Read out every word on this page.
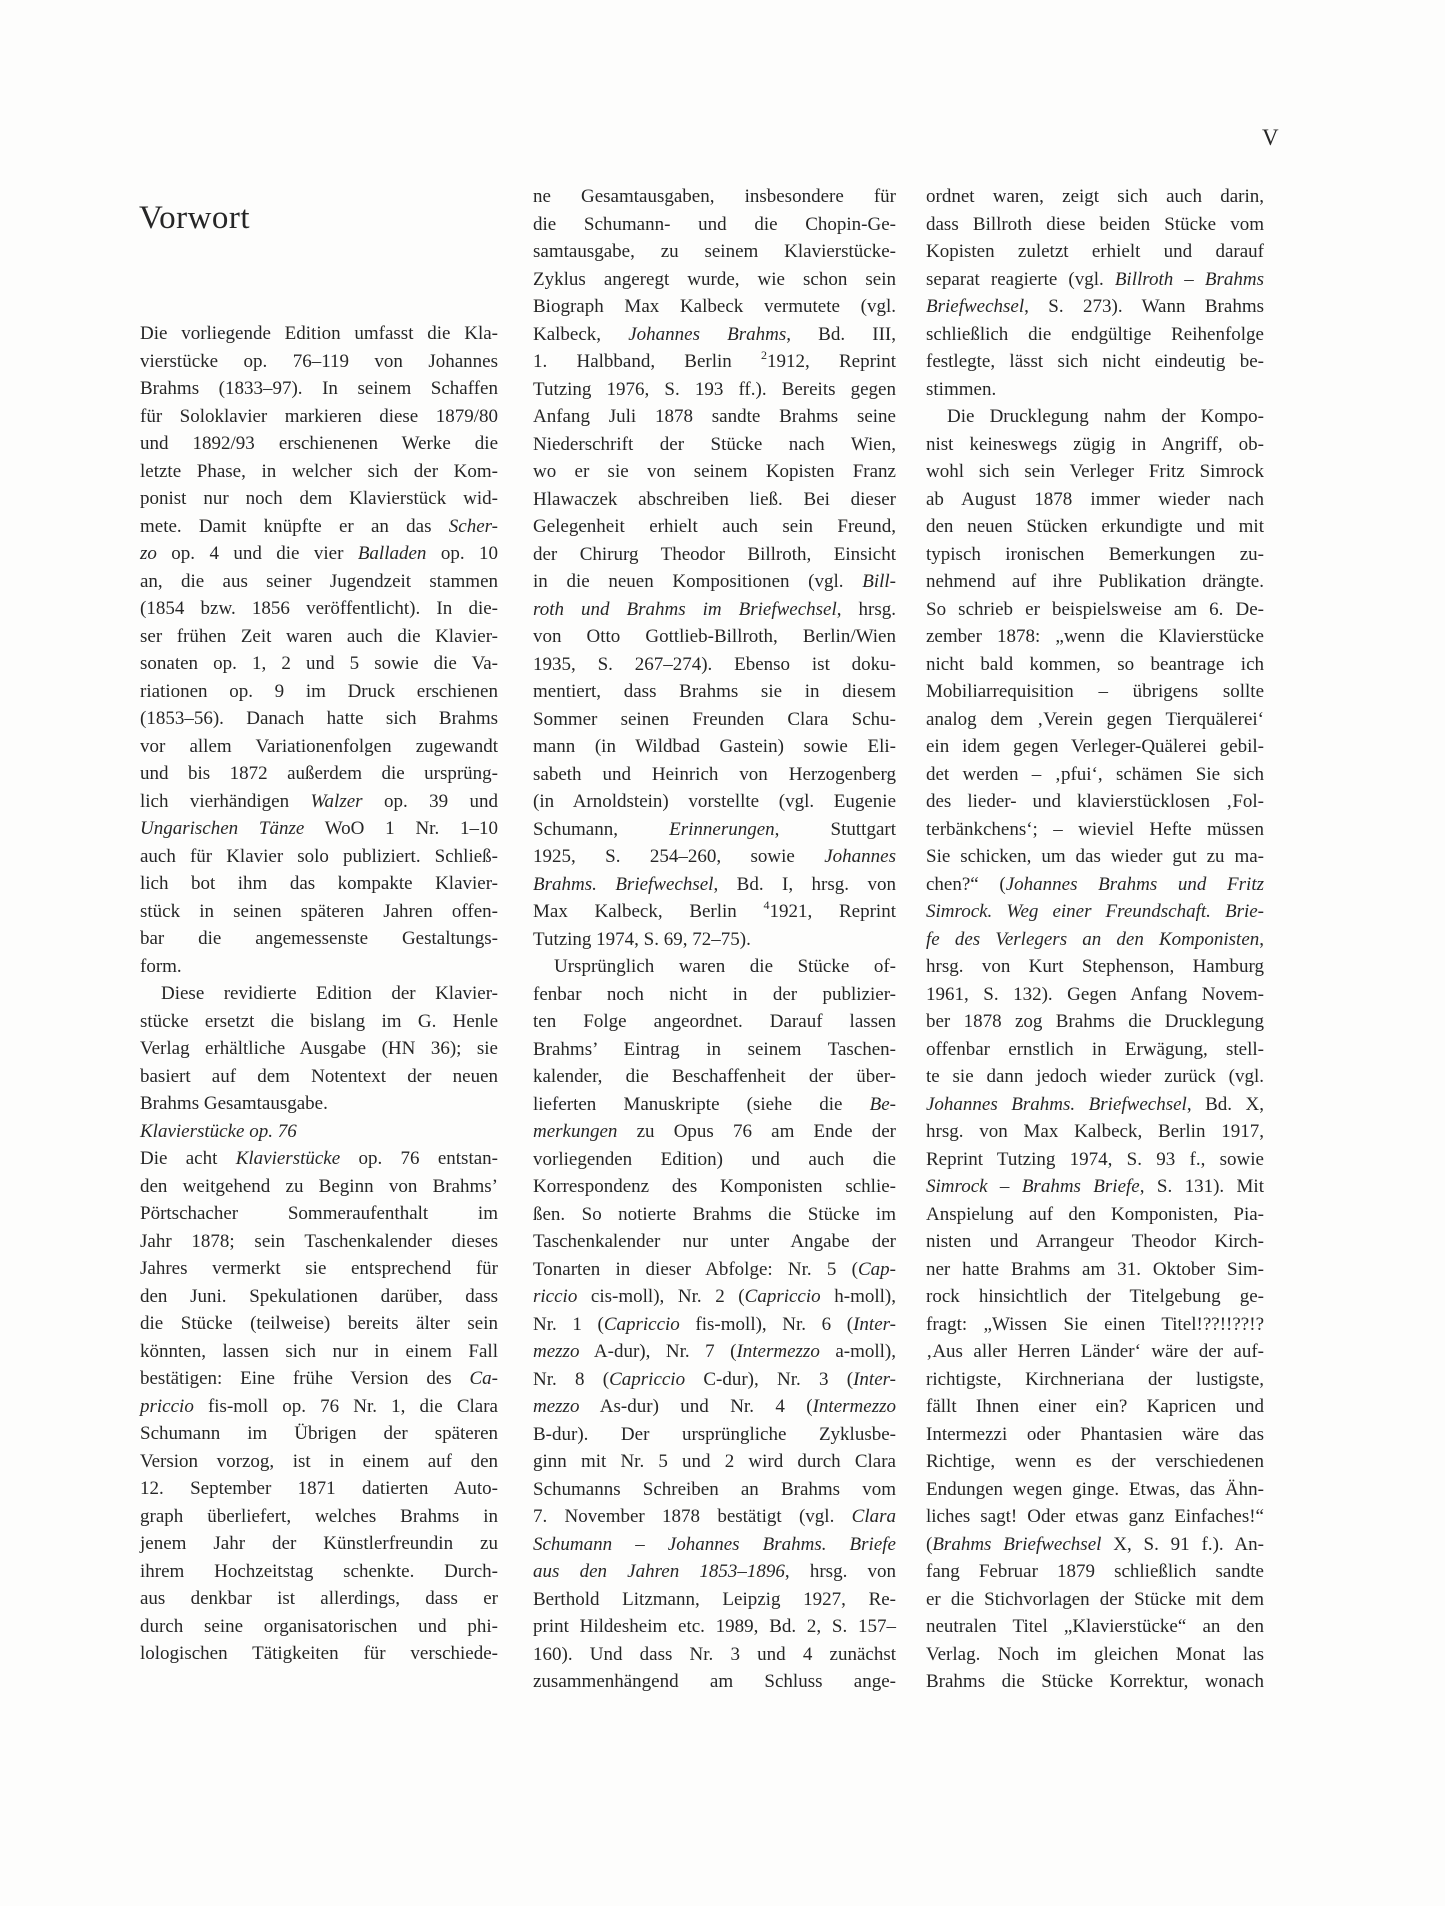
V
Vorwort
Die vorliegende Edition umfasst die Kla-
vierstücke op. 76–119 von Johannes
Brahms (1833–97). In seinem Schaffen
für Soloklavier markieren diese 1879/80
und 1892/93 erschienenen Werke die
letzte Phase, in welcher sich der Kom-
ponist nur noch dem Klavierstück wid-
mete. Damit knüpfte er an das Scher-
zo op. 4 und die vier Balladen op. 10
an, die aus seiner Jugendzeit stammen
(1854 bzw. 1856 veröffentlicht). In die-
ser frühen Zeit waren auch die Klavier-
sonaten op. 1, 2 und 5 sowie die Va-
riationen op. 9 im Druck erschienen
(1853–56). Danach hatte sich Brahms
vor allem Variationenfolgen zugewandt
und bis 1872 außerdem die ursprüng-
lich vierhändigen Walzer op. 39 und
Ungarischen Tänze WoO 1 Nr. 1–10
auch für Klavier solo publiziert. Schließ-
lich bot ihm das kompakte Klavier-
stück in seinen späteren Jahren offen-
bar die angemessenste Gestaltungs-
form.
Diese revidierte Edition der Klavier-
stücke ersetzt die bislang im G. Henle
Verlag erhältliche Ausgabe (HN 36); sie
basiert auf dem Notentext der neuen
Brahms Gesamtausgabe.
Klavierstücke op. 76
Die acht Klavierstücke op. 76 entstan-
den weitgehend zu Beginn von Brahms’
Pörtschacher Sommeraufenthalt im
Jahr 1878; sein Taschenkalender dieses
Jahres vermerkt sie entsprechend für
den Juni. Spekulationen darüber, dass
die Stücke (teilweise) bereits älter sein
könnten, lassen sich nur in einem Fall
bestätigen: Eine frühe Version des Ca-
priccio fis-moll op. 76 Nr. 1, die Clara
Schumann im Übrigen der späteren
Version vorzog, ist in einem auf den
12. September 1871 datierten Auto-
graph überliefert, welches Brahms in
jenem Jahr der Künstlerfreundin zu
ihrem Hochzeitstag schenkte. Durch-
aus denkbar ist allerdings, dass er
durch seine organisatorischen und phi-
lologischen Tätigkeiten für verschiede-
ne Gesamtausgaben, insbesondere für
die Schumann- und die Chopin-Ge-
samtausgabe, zu seinem Klavierstücke-
Zyklus angeregt wurde, wie schon sein
Biograph Max Kalbeck vermutete (vgl.
Kalbeck, Johannes Brahms, Bd. III,
1. Halbband, Berlin $^2$1912, Reprint
Tutzing 1976, S. 193 ff.). Bereits gegen
Anfang Juli 1878 sandte Brahms seine
Niederschrift der Stücke nach Wien,
wo er sie von seinem Kopisten Franz
Hlawaczek abschreiben ließ. Bei dieser
Gelegenheit erhielt auch sein Freund,
der Chirurg Theodor Billroth, Einsicht
in die neuen Kompositionen (vgl. Bill-
roth und Brahms im Briefwechsel, hrsg.
von Otto Gottlieb-Billroth, Berlin/Wien
1935, S. 267–274). Ebenso ist doku-
mentiert, dass Brahms sie in diesem
Sommer seinen Freunden Clara Schu-
mann (in Wildbad Gastein) sowie Eli-
sabeth und Heinrich von Herzogenberg
(in Arnoldstein) vorstellte (vgl. Eugenie
Schumann, Erinnerungen, Stuttgart
1925, S. 254–260, sowie Johannes
Brahms. Briefwechsel, Bd. I, hrsg. von
Max Kalbeck, Berlin $^4$1921, Reprint
Tutzing 1974, S. 69, 72–75).
Ursprünglich waren die Stücke of-
fenbar noch nicht in der publizier-
ten Folge angeordnet. Darauf lassen
Brahms’ Eintrag in seinem Taschen-
kalender, die Beschaffenheit der über-
lieferten Manuskripte (siehe die Be-
merkungen zu Opus 76 am Ende der
vorliegenden Edition) und auch die
Korrespondenz des Komponisten schlie-
ßen. So notierte Brahms die Stücke im
Taschenkalender nur unter Angabe der
Tonarten in dieser Abfolge: Nr. 5 (Cap-
riccio cis-moll), Nr. 2 (Capriccio h-moll),
Nr. 1 (Capriccio fis-moll), Nr. 6 (Inter-
mezzo A-dur), Nr. 7 (Intermezzo a-moll),
Nr. 8 (Capriccio C-dur), Nr. 3 (Inter-
mezzo As-dur) und Nr. 4 (Intermezzo
B-dur). Der ursprüngliche Zyklusbe-
ginn mit Nr. 5 und 2 wird durch Clara
Schumanns Schreiben an Brahms vom
7. November 1878 bestätigt (vgl. Clara
Schumann – Johannes Brahms. Briefe
aus den Jahren 1853–1896, hrsg. von
Berthold Litzmann, Leipzig 1927, Re-
print Hildesheim etc. 1989, Bd. 2, S. 157–
160). Und dass Nr. 3 und 4 zunächst
zusammenhängend am Schluss ange-
ordnet waren, zeigt sich auch darin,
dass Billroth diese beiden Stücke vom
Kopisten zuletzt erhielt und darauf
separat reagierte (vgl. Billroth – Brahms
Briefwechsel, S. 273). Wann Brahms
schließlich die endgültige Reihenfolge
festlegte, lässt sich nicht eindeutig be-
stimmen.
Die Drucklegung nahm der Kompo-
nist keineswegs zügig in Angriff, ob-
wohl sich sein Verleger Fritz Simrock
ab August 1878 immer wieder nach
den neuen Stücken erkundigte und mit
typisch ironischen Bemerkungen zu-
nehmend auf ihre Publikation drängte.
So schrieb er beispielsweise am 6. De-
zember 1878: „wenn die Klavierstücke
nicht bald kommen, so beantrage ich
Mobiliarrequisition – übrigens sollte
analog dem ‚Verein gegen Tierquälerei‘
ein idem gegen Verleger-Quälerei gebil-
det werden – ‚pfui‘, schämen Sie sich
des lieder- und klavierstücklosen ‚Fol-
terbänkchens‘; – wieviel Hefte müssen
Sie schicken, um das wieder gut zu ma-
chen?“ (Johannes Brahms und Fritz
Simrock. Weg einer Freundschaft. Brie-
fe des Verlegers an den Komponisten,
hrsg. von Kurt Stephenson, Hamburg
1961, S. 132). Gegen Anfang Novem-
ber 1878 zog Brahms die Drucklegung
offenbar ernstlich in Erwägung, stell-
te sie dann jedoch wieder zurück (vgl.
Johannes Brahms. Briefwechsel, Bd. X,
hrsg. von Max Kalbeck, Berlin 1917,
Reprint Tutzing 1974, S. 93 f., sowie
Simrock – Brahms Briefe, S. 131). Mit
Anspielung auf den Komponisten, Pia-
nisten und Arrangeur Theodor Kirch-
ner hatte Brahms am 31. Oktober Sim-
rock hinsichtlich der Titelgebung ge-
fragt: „Wissen Sie einen Titel!??!!??!?
‚Aus aller Herren Länder‘ wäre der auf-
richtigste, Kirchneriana der lustigste,
fällt Ihnen einer ein? Kapricen und
Intermezzi oder Phantasien wäre das
Richtige, wenn es der verschiedenen
Endungen wegen ginge. Etwas, das Ähn-
liches sagt! Oder etwas ganz Einfaches!“
(Brahms Briefwechsel X, S. 91 f.). An-
fang Februar 1879 schließlich sandte
er die Stichvorlagen der Stücke mit dem
neutralen Titel „Klavierstücke“ an den
Verlag. Noch im gleichen Monat las
Brahms die Stücke Korrektur, wonach
